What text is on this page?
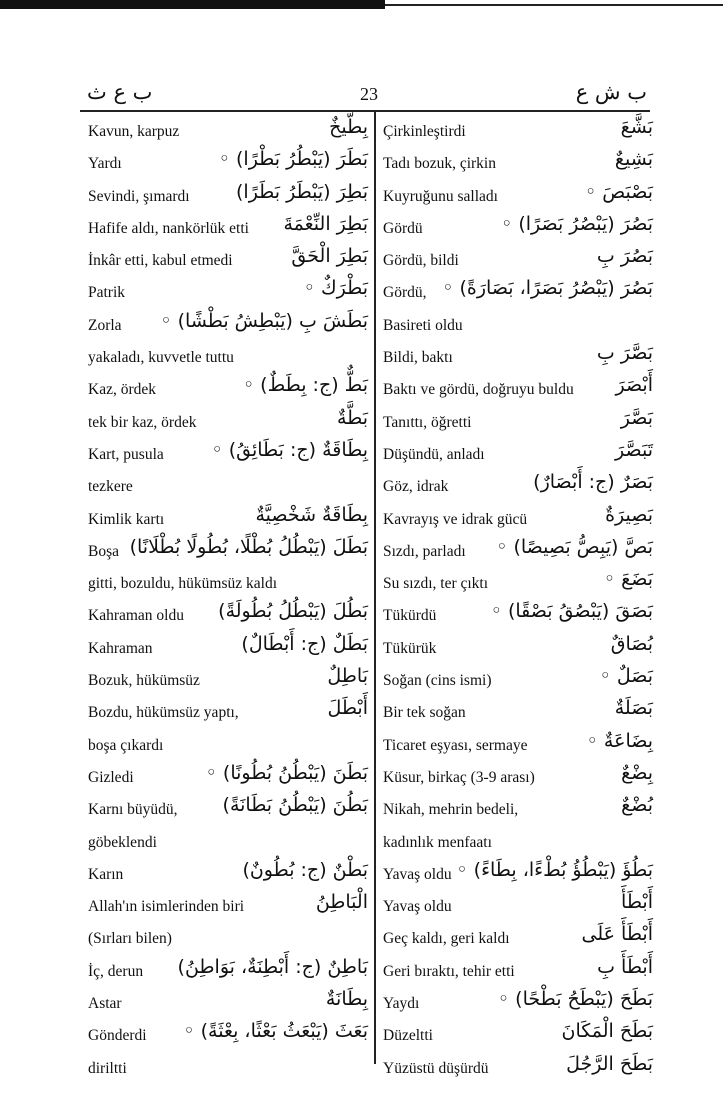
ب ع ث	23	ب ش ع
Kavun, karpuz	بِطّيخٌ
Yardı	بَطَرَ (يَبْطُرُ بَطْرًا) ◦
Sevindi, şımardı بَطِرَ (يَبْطَرُ بَطَرًا)
Hafife aldı, nankörlük etti بَطِرَ النِّعْمَةَ
İnkâr etti, kabul etmedi	بَطِرَ الْحَقَّ
Patrik	بَطْرَكٌ ◦
Zorla بَطَشَ بِ (يَبْطِشُ بَطْشًا) ◦
yakaladı, kuvvetle tuttu
Kaz, ördek	بَطٌّ (ج: بِطَطٌ) ◦
tek bir kaz, ördek	بَطَّةٌ
Kart, pusula	بِطَاقَةٌ (ج: بَطَائِقُ) ◦
tezkere
Kimlik kartı	بِطَاقَةٌ شَخْصِيَّةٌ
Boşa بَطَلَ (يَبْطُلُ بُطْلًا، بُطُولًا بُطْلَانًا)
gitti, bozuldu, hükümsüz kaldı
Kahraman oldu بَطُلَ (يَبْطُلُ بُطُولَةً)
Kahraman	بَطَلٌ (ج: أَبْطَالٌ)
Bozuk, hükümsüz	بَاطِلٌ
Bozdu, hükümsüz yaptı,	أَبْطَلَ
boşa çıkardı
Gizledi	بَطَنَ (يَبْطُنُ بُطُونًا) ◦
Karnı büyüdü, بَطُنَ (يَبْطُنُ بَطَانَةً)
göbeklendi
Karın	بَطْنٌ (ج: بُطُونٌ)
Allah'ın isimlerinden biri	الْبَاطِنُ
(Sırları bilen)
İç, derun بَاطِنٌ (ج: أَبْطِنَةٌ، بَوَاطِنُ)
Astar	بِطَانَةٌ
Gönderdi بَعَثَ (يَبْعَثُ بَعْثًا، بِعْثَةً) ◦
diriltti
Çirkinleştirdi	بَشَّعَ
Tadı bozuk, çirkin	بَشِيعٌ
Kuyruğunu salladı	بَصْبَصَ ◦
Gördü	بَصُرَ (يَبْصُرُ بَصَرًا) ◦
Gördü, bildi	بَصُرَ بِ
Gördü, بَصُرَ (يَبْصُرُ بَصَرًا، بَصَارَةً) ◦
Basireti oldu
Bildi, baktı	بَصَّرَ بِ
Baktı ve gördü, doğruyu buldu أَبْصَرَ
Tanıttı, öğretti	بَصَّرَ
Düşündü, anladı	تَبَصَّرَ
Göz, idrak	بَصَرٌ (ج: أَبْصَارٌ)
Kavrayış ve idrak gücü	بَصِيرَةٌ
Sızdı, parladı بَصَّ (يَبِصُّ بَصِيصًا) ◦
Su sızdı, ter çıktı	بَضَعَ ◦
Tükürdü	بَصَقَ (يَبْصُقُ بَصْقًا) ◦
Tükürük	بُصَاقٌ
Soğan (cins ismi)	بَصَلٌ ◦
Bir tek soğan	بَصَلَةٌ
Ticaret eşyası, sermaye	بِضَاعَةٌ ◦
Küsur, birkaç (3-9 arası)	بِضْعٌ
Nikah, mehrin bedeli,	بُضْعٌ
kadınlık menfaatı
Yavaş oldu بَطُؤَ (يَبْطُؤُ بُطْءًا، بِطَاءً) ◦
Yavaş oldu	أَبْطَأَ
Geç kaldı, geri kaldı	أَبْطَأَ عَلَى
Geri bıraktı, tehir etti	أَبْطَأَ بِ
Yaydı	بَطَحَ (يَبْطَحُ بَطْحًا) ◦
Düzeltti	بَطَحَ الْمَكَانَ
Yüzüstü düşürdü	بَطَحَ الرَّجُلَ
